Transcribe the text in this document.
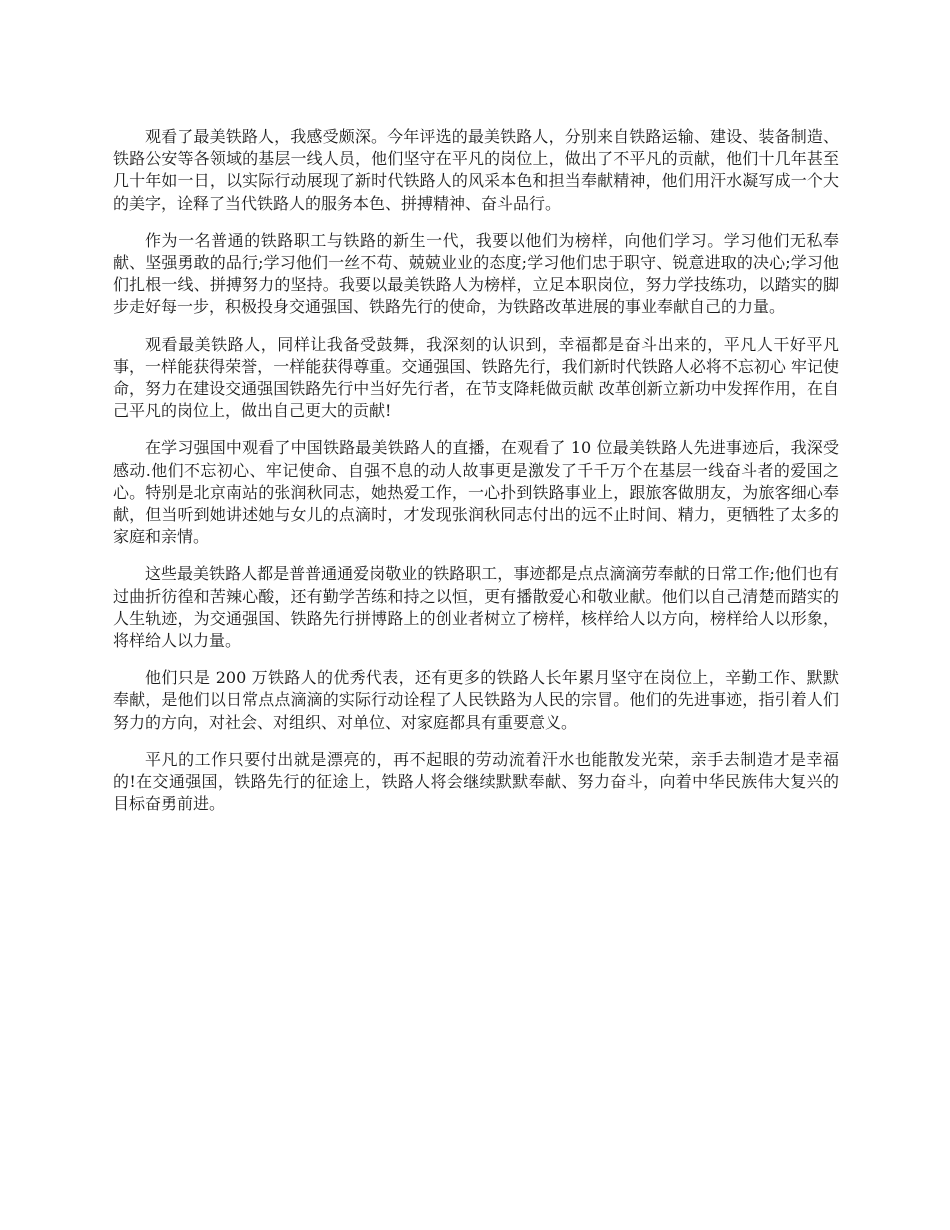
观看了最美铁路人，我感受颇深。今年评选的最美铁路人，分别来自铁路运输、建设、装备制造、铁路公安等各领域的基层一线人员，他们坚守在平凡的岗位上，做出了不平凡的贡献，他们十几年甚至几十年如一日，以实际行动展现了新时代铁路人的风采本色和担当奉献精神，他们用汗水凝写成一个大的美字，诠释了当代铁路人的服务本色、拼搏精神、奋斗品行。

作为一名普通的铁路职工与铁路的新生一代，我要以他们为榜样，向他们学习。学习他们无私奉献、坚强勇敢的品行;学习他们一丝不苟、兢兢业业的态度;学习他们忠于职守、锐意进取的决心;学习他们扎根一线、拼搏努力的坚持。我要以最美铁路人为榜样，立足本职岗位，努力学技练功，以踏实的脚步走好每一步，积极投身交通强国、铁路先行的使命，为铁路改革进展的事业奉献自己的力量。

观看最美铁路人，同样让我备受鼓舞，我深刻的认识到，幸福都是奋斗出来的，平凡人干好平凡事，一样能获得荣誉，一样能获得尊重。交通强国、铁路先行，我们新时代铁路人必将不忘初心 牢记使命，努力在建设交通强国铁路先行中当好先行者，在节支降耗做贡献 改革创新立新功中发挥作用，在自己平凡的岗位上，做出自己更大的贡献!

在学习强国中观看了中国铁路最美铁路人的直播，在观看了 10 位最美铁路人先进事迹后，我深受感动.他们不忘初心、牢记使命、自强不息的动人故事更是激发了千千万个在基层一线奋斗者的爱国之心。特别是北京南站的张润秋同志，她热爱工作，一心扑到铁路事业上，跟旅客做朋友，为旅客细心奉献，但当听到她讲述她与女儿的点滴时，才发现张润秋同志付出的远不止时间、精力，更牺牲了太多的家庭和亲情。

这些最美铁路人都是普普通通爱岗敬业的铁路职工，事迹都是点点滴滴劳奉献的日常工作;他们也有过曲折彷徨和苦辣心酸，还有勤学苦练和持之以恒，更有播散爱心和敬业献。他们以自己清楚而踏实的人生轨迹，为交通强国、铁路先行拼博路上的创业者树立了榜样，核样给人以方向，榜样给人以形象，将样给人以力量。

他们只是 200 万铁路人的优秀代表，还有更多的铁路人长年累月坚守在岗位上，辛勤工作、默默奉献，是他们以日常点点滴滴的实际行动诠程了人民铁路为人民的宗冒。他们的先进事迹，指引着人们努力的方向，对社会、对组织、对单位、对家庭都具有重要意义。

平凡的工作只要付出就是漂亮的，再不起眼的劳动流着汗水也能散发光荣，亲手去制造才是幸福的!在交通强国，铁路先行的征途上，铁路人将会继续默默奉献、努力奋斗，向着中华民族伟大复兴的目标奋勇前进。
